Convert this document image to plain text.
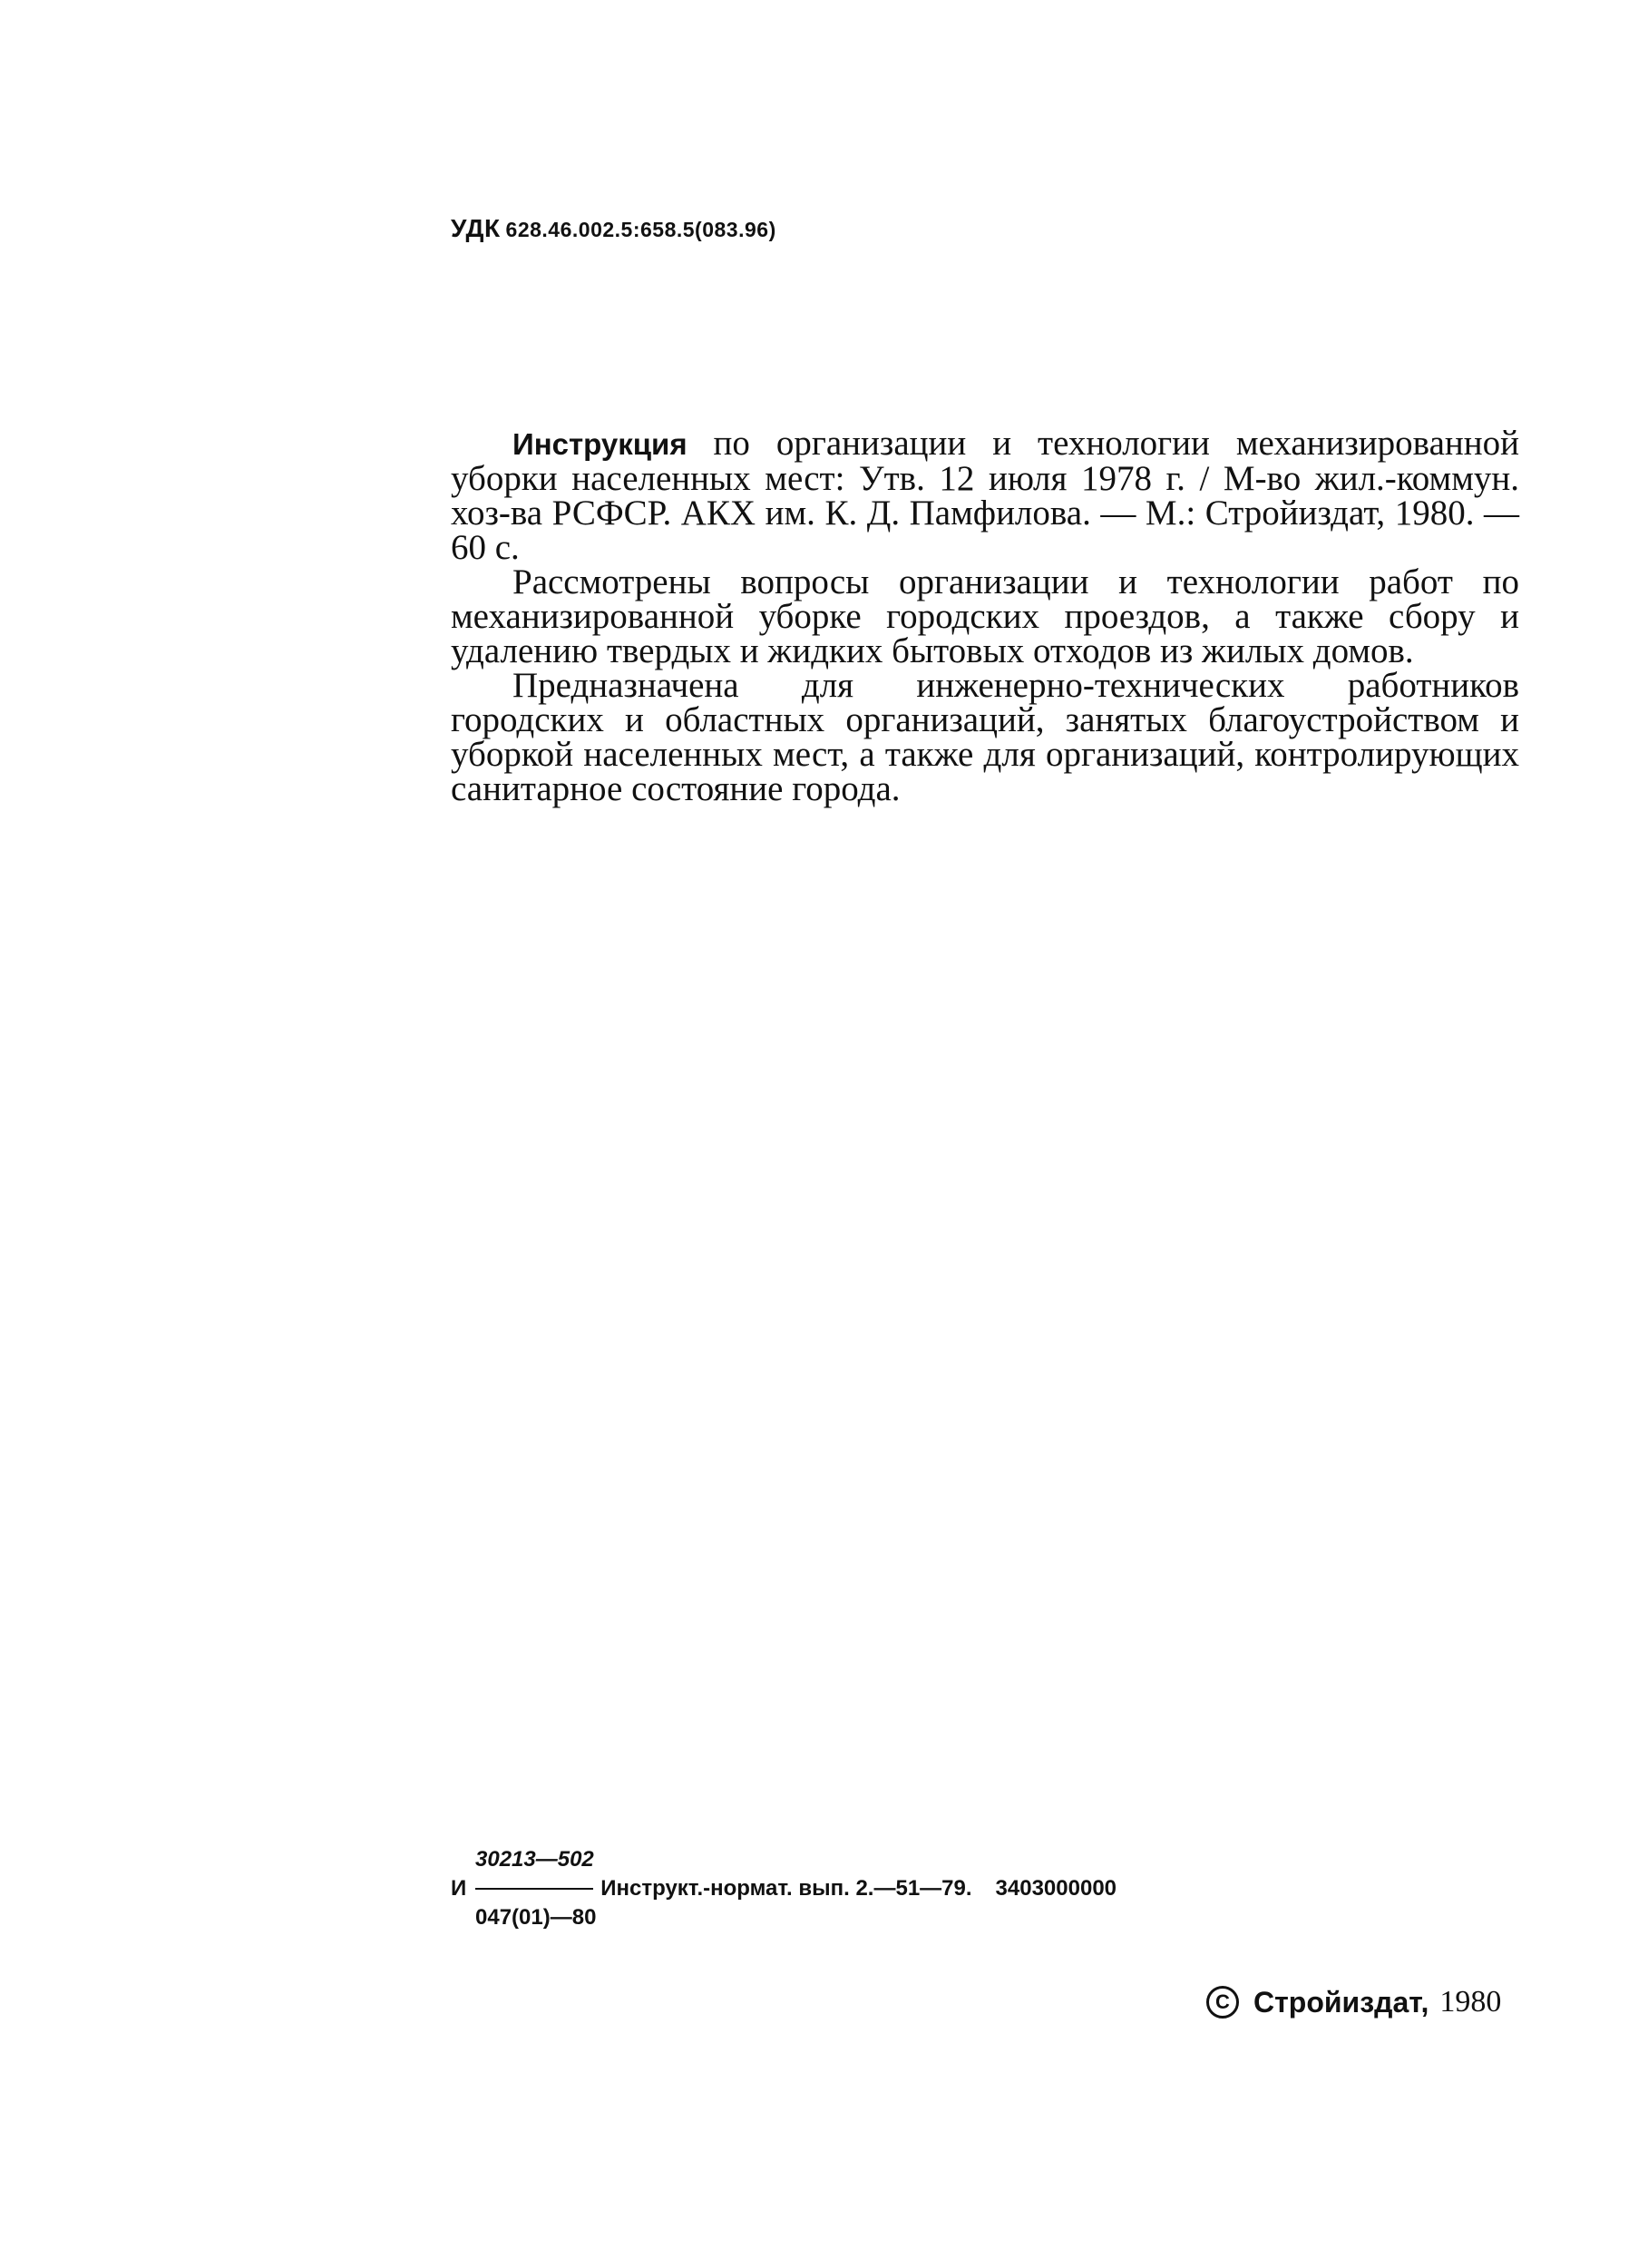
УДК 628.46.002.5:658.5(083.96)

Инструкция по организации и технологии механизированной уборки населенных мест: Утв. 12 июля 1978 г. / М-во жил.-коммун. хоз-ва РСФСР. АКХ им. К. Д. Памфилова. — М.: Стройиздат, 1980. — 60 с.

Рассмотрены вопросы организации и технологии работ по механизированной уборке городских проездов, а также сбору и удалению твердых и жидких бытовых отходов из жилых домов.

Предназначена для инженерно-технических работников городских и областных организаций, занятых благоустройством и уборкой населенных мест, а также для организаций, контролирующих санитарное состояние города.

30213—502
И	Инструкт.-нормат. вып. 2.—51—79. 3403000000
047(01)—80
C Стройиздат, 1980
